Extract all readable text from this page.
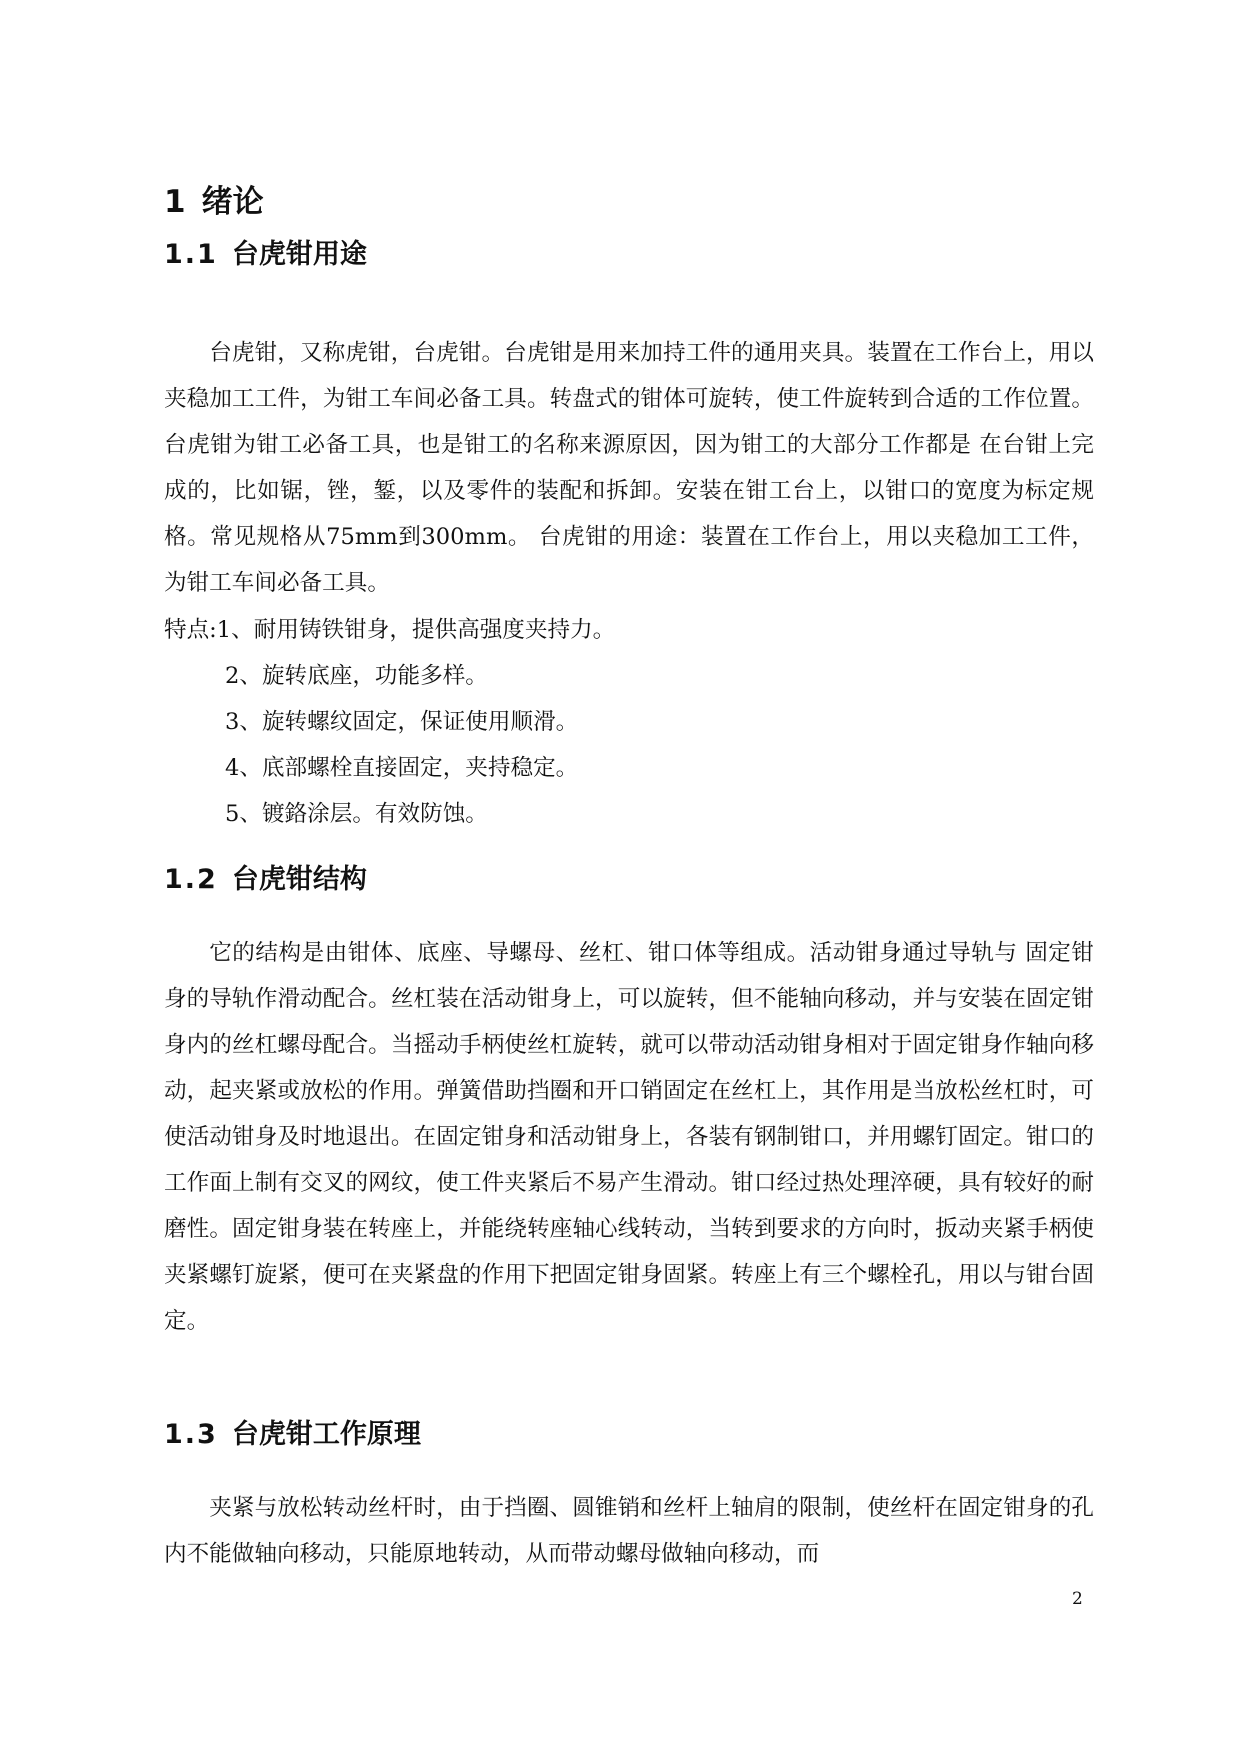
1 绪论
1.1 台虎钳用途

台虎钳，又称虎钳，台虎钳。台虎钳是用来加持工件的通用夹具。装置在工作台上，用以夹稳加工工件，为钳工车间必备工具。转盘式的钳体可旋转，使工件旋转到合适的工作位置。台虎钳为钳工必备工具，也是钳工的名称来源原因，因为钳工的大部分工作都是 在台钳上完成的，比如锯，锉，錾，以及零件的装配和拆卸。安装在钳工台上，以钳口的宽度为标定规格。常见规格从75mm到300mm。 台虎钳的用途：装置在工作台上，用以夹稳加工工件，为钳工车间必备工具。

特点:1、耐用铸铁钳身，提供高强度夹持力。

2、旋转底座，功能多样。

3、旋转螺纹固定，保证使用顺滑。

4、底部螺栓直接固定，夹持稳定。

5、镀鉻涂层。有效防蚀。

1.2 台虎钳结构

它的结构是由钳体、底座、导螺母、丝杠、钳口体等组成。活动钳身通过导轨与 固定钳身的导轨作滑动配合。丝杠装在活动钳身上，可以旋转，但不能轴向移动，并与安装在固定钳身内的丝杠螺母配合。当摇动手柄使丝杠旋转，就可以带动活动钳身相对于固定钳身作轴向移动，起夹紧或放松的作用。弹簧借助挡圈和开口销固定在丝杠上，其作用是当放松丝杠时，可使活动钳身及时地退出。在固定钳身和活动钳身上，各装有钢制钳口，并用螺钉固定。钳口的工作面上制有交叉的网纹，使工件夹紧后不易产生滑动。钳口经过热处理淬硬，具有较好的耐磨性。固定钳身装在转座上，并能绕转座轴心线转动，当转到要求的方向时，扳动夹紧手柄使夹紧螺钉旋紧，便可在夹紧盘的作用下把固定钳身固紧。转座上有三个螺栓孔，用以与钳台固定。

1.3 台虎钳工作原理

夹紧与放松转动丝杆时，由于挡圈、圆锥销和丝杆上轴肩的限制，使丝杆在固定钳身的孔内不能做轴向移动，只能原地转动，从而带动螺母做轴向移动，而

2
